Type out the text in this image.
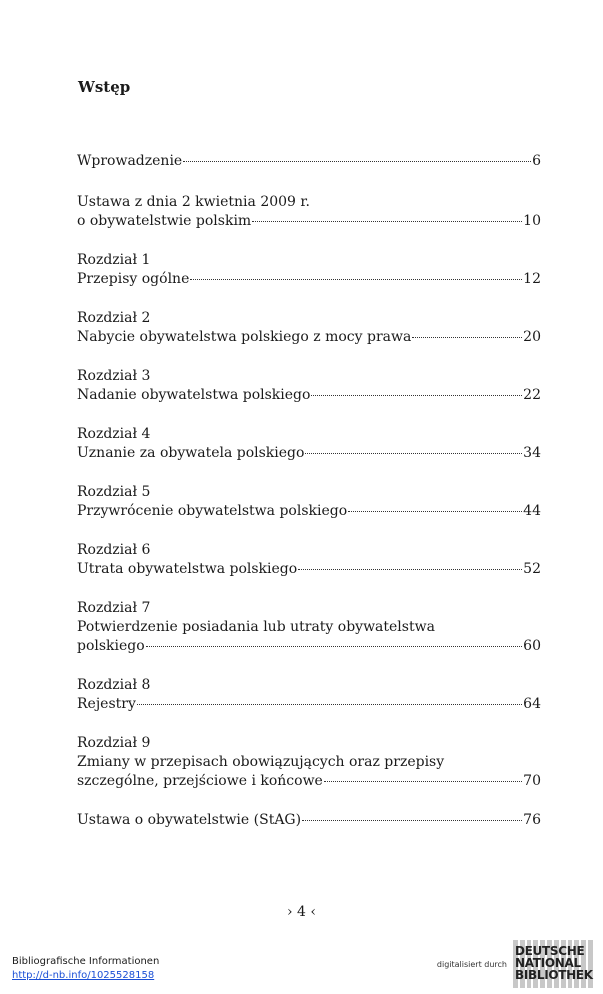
Wstęp
Wprowadzenie	6
Ustawa z dnia 2 kwietnia 2009 r.
o obywatelstwie polskim	10
Rozdział 1
Przepisy ogólne	12
Rozdział 2
Nabycie obywatelstwa polskiego z mocy prawa	20
Rozdział 3
Nadanie obywatelstwa polskiego	22
Rozdział 4
Uznanie za obywatela polskiego	34
Rozdział 5
Przywrócenie obywatelstwa polskiego	44
Rozdział 6
Utrata obywatelstwa polskiego	52
Rozdział 7
Potwierdzenie posiadania lub utraty obywatelstwa
polskiego	60
Rozdział 8
Rejestry	64
Rozdział 9
Zmiany w przepisach obowiązujących oraz przepisy
szczególne, przejściowe i końcowe	70
Ustawa o obywatelstwie (StAG)	76
› 4 ‹
Bibliografische Informationen
http://d-nb.info/1025528158
digitalisiert durch
DEUTSCHE
NATIONAL
BIBLIOTHEK
